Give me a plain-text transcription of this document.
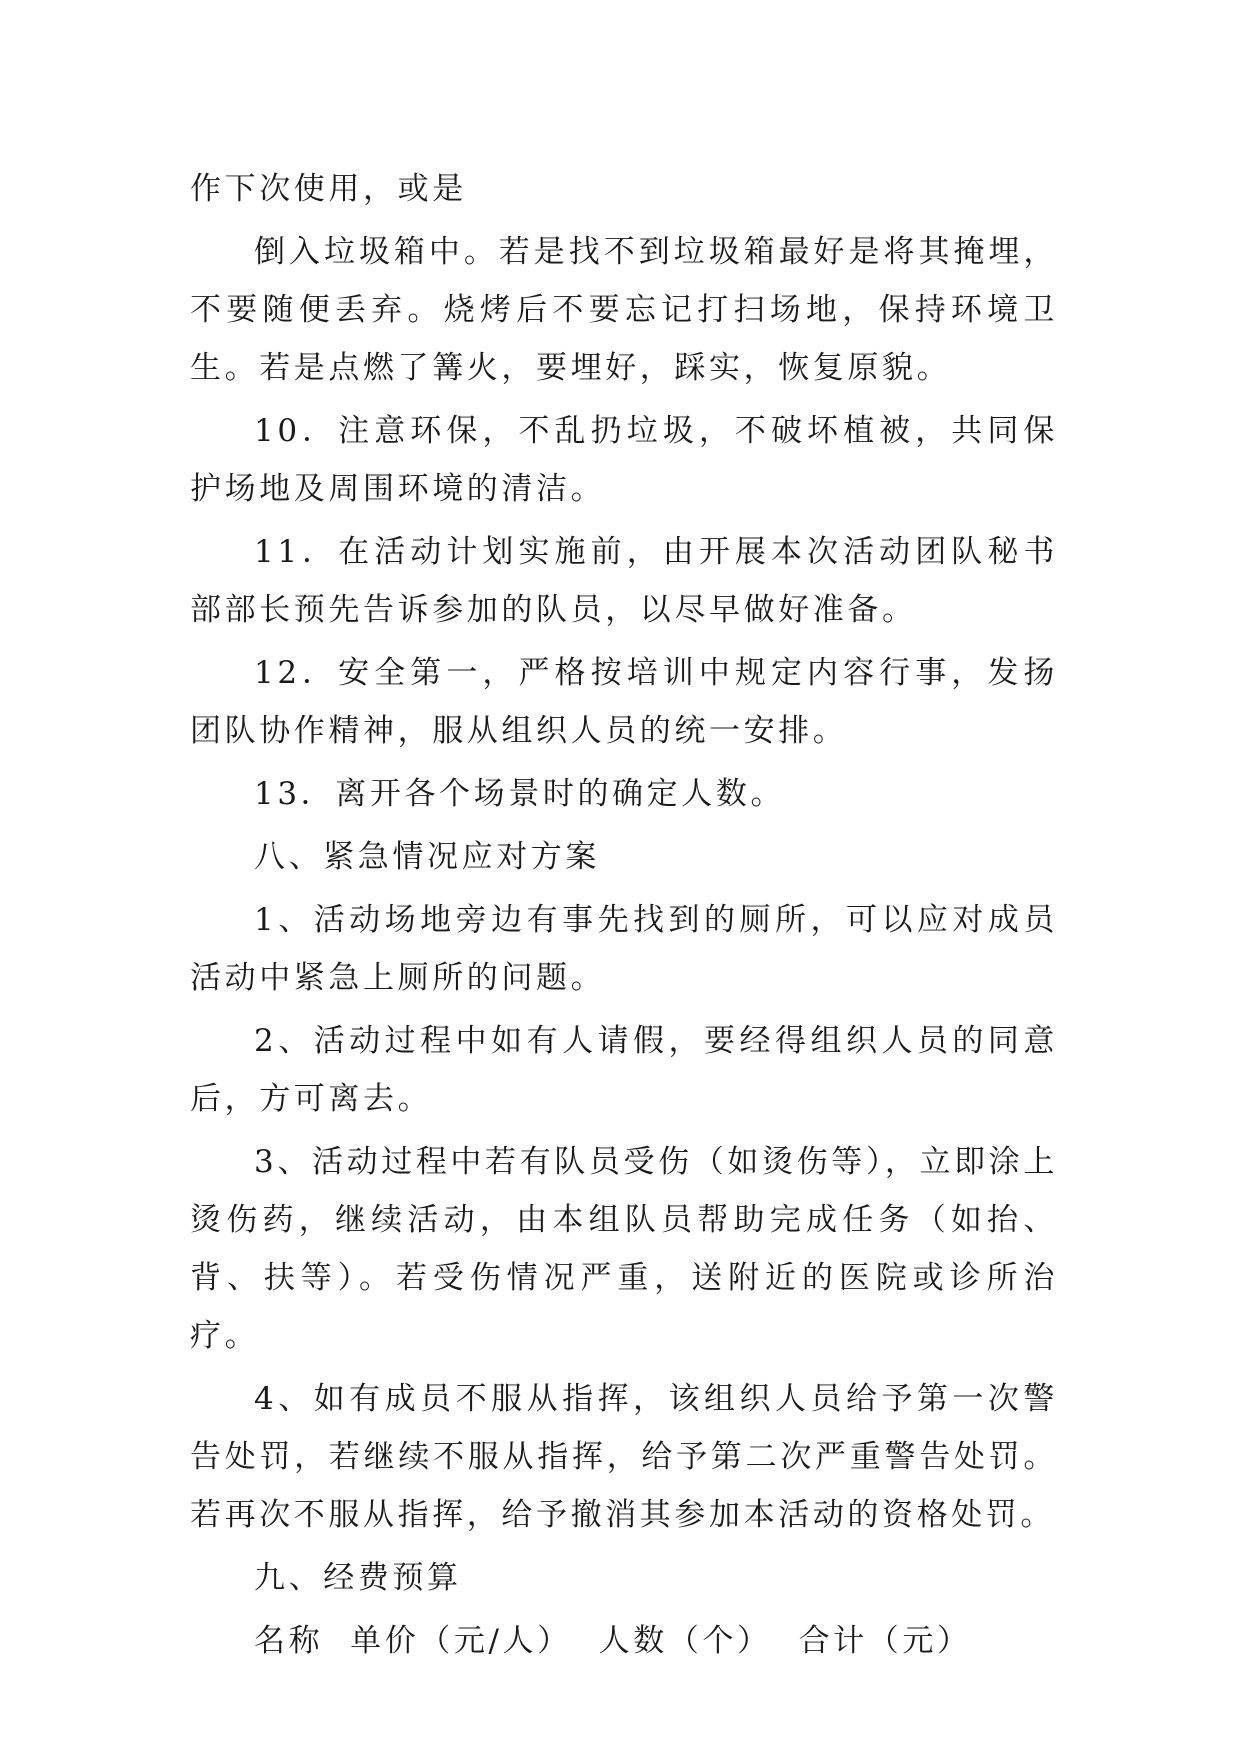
作下次使用，或是

倒入垃圾箱中。若是找不到垃圾箱最好是将其掩埋，不要随便丢弃。烧烤后不要忘记打扫场地，保持环境卫生。若是点燃了篝火，要埋好，踩实，恢复原貌。

10．注意环保，不乱扔垃圾，不破坏植被，共同保护场地及周围环境的清洁。

11．在活动计划实施前，由开展本次活动团队秘书部部长预先告诉参加的队员，以尽早做好准备。

12．安全第一，严格按培训中规定内容行事，发扬团队协作精神，服从组织人员的统一安排。

13．离开各个场景时的确定人数。

八、紧急情况应对方案

1、活动场地旁边有事先找到的厕所，可以应对成员活动中紧急上厕所的问题。

2、活动过程中如有人请假，要经得组织人员的同意后，方可离去。

3、活动过程中若有队员受伤（如烫伤等），立即涂上烫伤药，继续活动，由本组队员帮助完成任务（如抬、背、扶等）。若受伤情况严重，送附近的医院或诊所治疗。

4、如有成员不服从指挥，该组织人员给予第一次警告处罚，若继续不服从指挥，给予第二次严重警告处罚。若再次不服从指挥，给予撤消其参加本活动的资格处罚。

九、经费预算

名称  单价（元/人）  人数（个）  合计（元）
